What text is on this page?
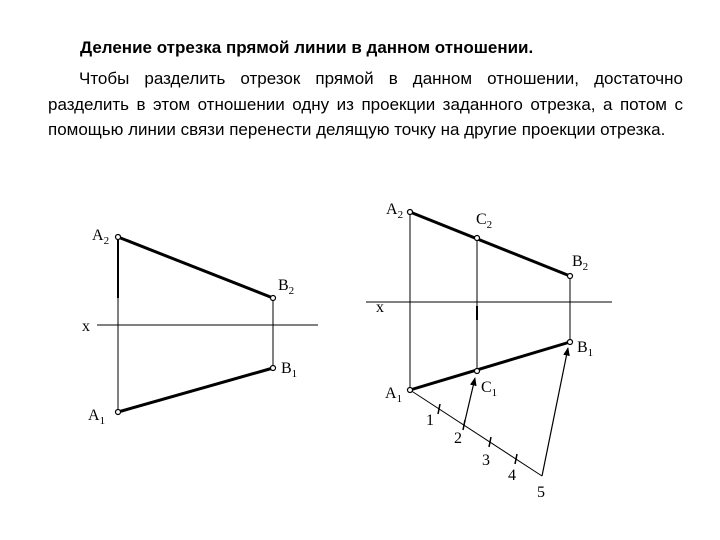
Деление отрезка прямой линии в данном отношении.

Чтобы разделить отрезок прямой в данном отношении, достаточно разделить в этом отношении одну из проекции заданного отрезка, а потом с помощью линии связи перенести делящую точку на другие проекции отрезка.

x
$A_2$
$B_2$
$B_1$
$A_1$
x
$A_2$	$C_2$
$B_2$
$B_1$
$C_1$
$A_1$
1
2
3
4
5
